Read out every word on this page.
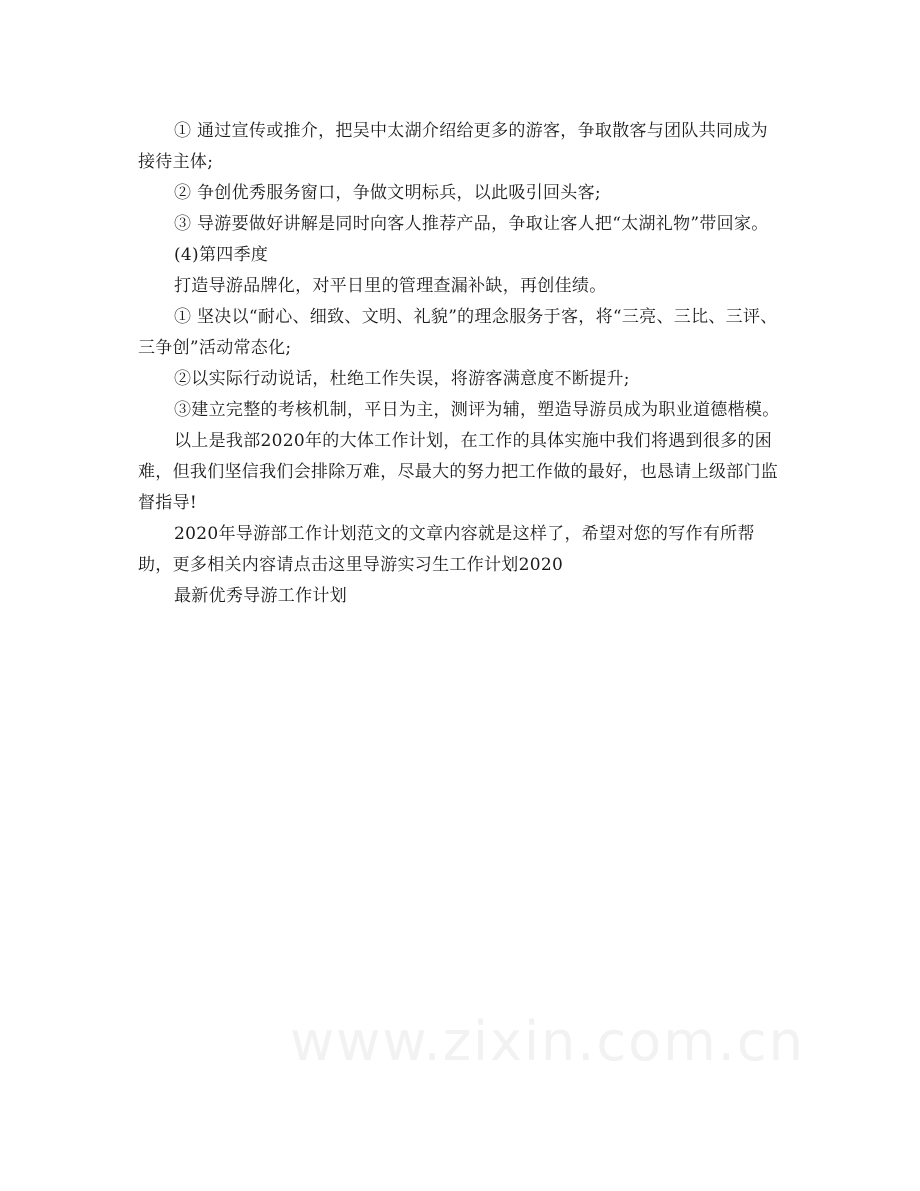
① 通过宣传或推介，把吴中太湖介绍给更多的游客，争取散客与团队共同成为接待主体;

② 争创优秀服务窗口，争做文明标兵，以此吸引回头客;

③ 导游要做好讲解是同时向客人推荐产品，争取让客人把“太湖礼物”带回家。

(4)第四季度

打造导游品牌化，对平日里的管理查漏补缺，再创佳绩。

① 坚决以“耐心、细致、文明、礼貌”的理念服务于客，将“三亮、三比、三评、三争创”活动常态化;

②以实际行动说话，杜绝工作失误，将游客满意度不断提升;

③建立完整的考核机制，平日为主，测评为辅，塑造导游员成为职业道德楷模。

以上是我部2020年的大体工作计划，在工作的具体实施中我们将遇到很多的困难，但我们坚信我们会排除万难，尽最大的努力把工作做的最好，也恳请上级部门监督指导!

2020年导游部工作计划范文的文章内容就是这样了，希望对您的写作有所帮助，更多相关内容请点击这里导游实习生工作计划2020

最新优秀导游工作计划

www.zixin.com.cn
